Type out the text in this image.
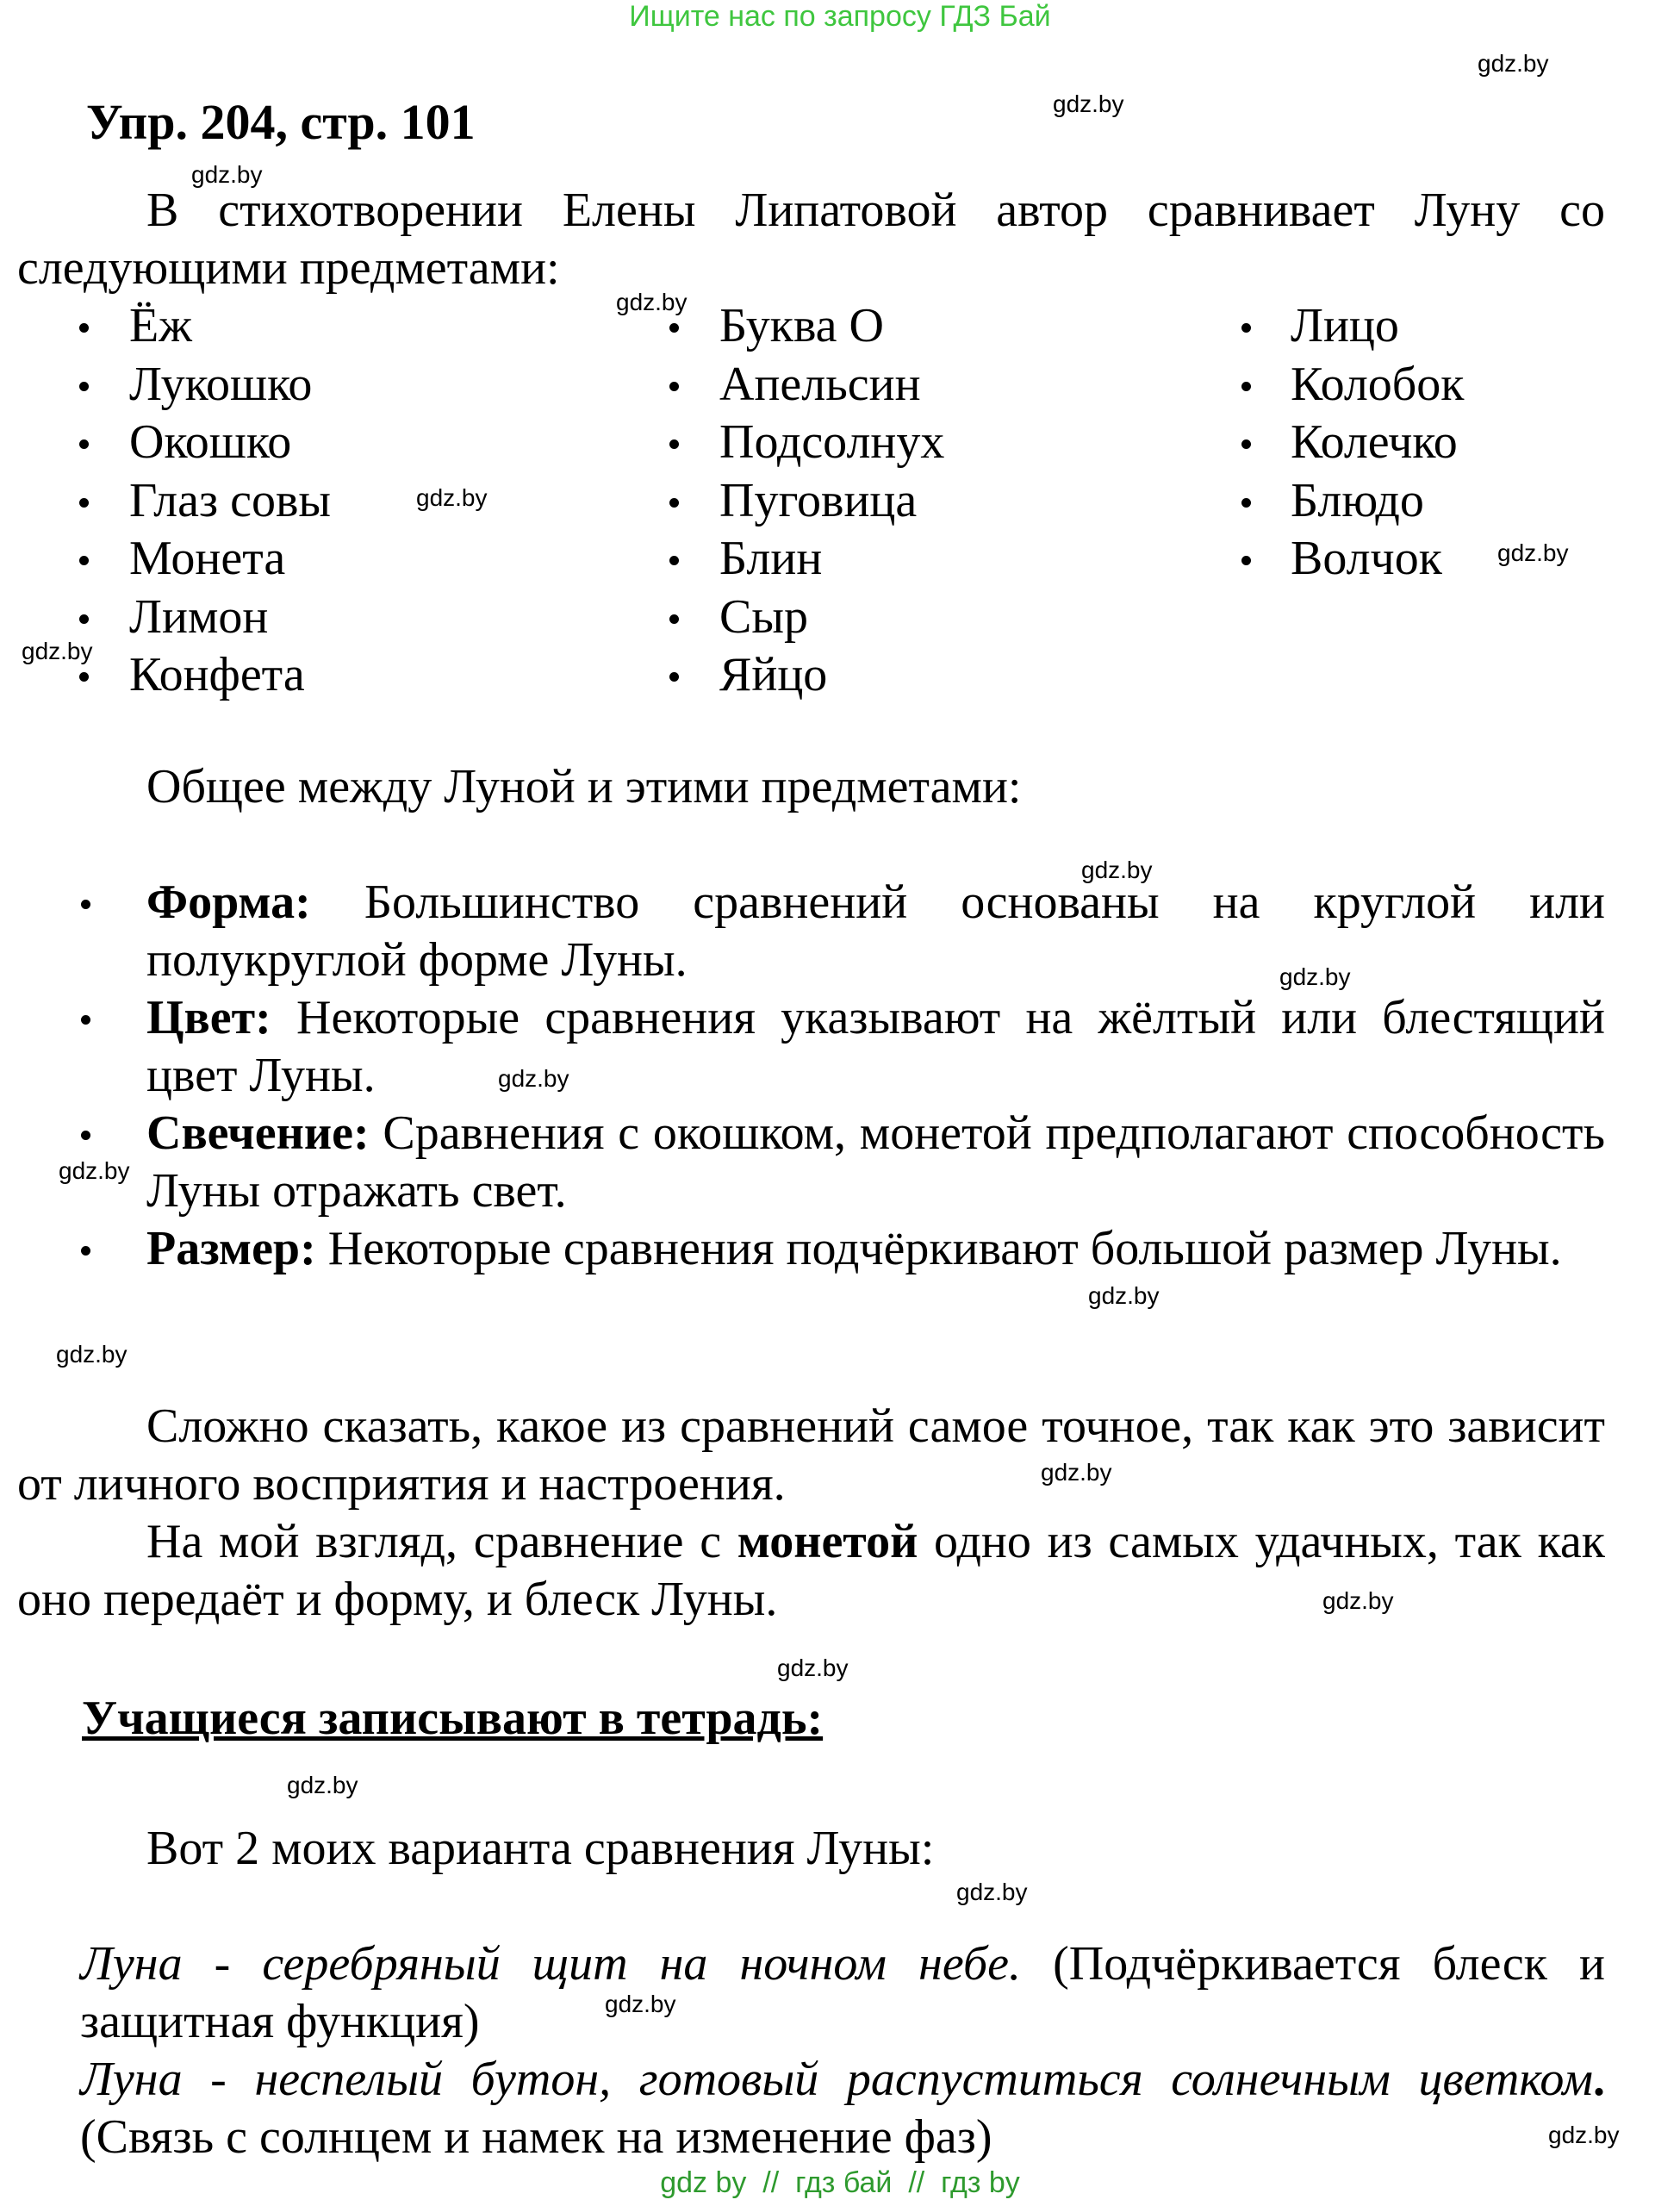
Ищите нас по запросу ГДЗ Бай
gdz.by
gdz.by
gdz.by
gdz.by
gdz.by
gdz.by
gdz.by
gdz.by
gdz.by
gdz.by
gdz.by
gdz.by
gdz.by
gdz.by
gdz.by
gdz.by
gdz.by
gdz.by
gdz.by
gdz.by
Упр. 204, стр. 101
В стихотворении Елены Липатовой автор сравнивает Луну со следующими предметами:
Ёж
Лукошко
Окошко
Глаз совы
Монета
Лимон
Конфета
Буква О
Апельсин
Подсолнух
Пуговица
Блин
Сыр
Яйцо
Лицо
Колобок
Колечко
Блюдо
Волчок
Общее между Луной и этими предметами:
Форма: Большинство сравнений основаны на круглой или полукруглой форме Луны.
Цвет: Некоторые сравнения указывают на жёлтый или блестящий цвет Луны.
Свечение: Сравнения с окошком, монетой предполагают способность Луны отражать свет.
Размер: Некоторые сравнения подчёркивают большой размер Луны.
Сложно сказать, какое из сравнений самое точное, так как это зависит от личного восприятия и настроения.
На мой взгляд, сравнение с монетой одно из самых удачных, так как оно передаёт и форму, и блеск Луны.
Учащиеся записывают в тетрадь:
Вот 2 моих варианта сравнения Луны:
Луна - серебряный щит на ночном небе. (Подчёркивается блеск и защитная функция)
Луна - неспелый бутон, готовый распуститься солнечным цветком. (Связь с солнцем и намек на изменение фаз)
gdz by  //  гдз бай  //  гдз by
